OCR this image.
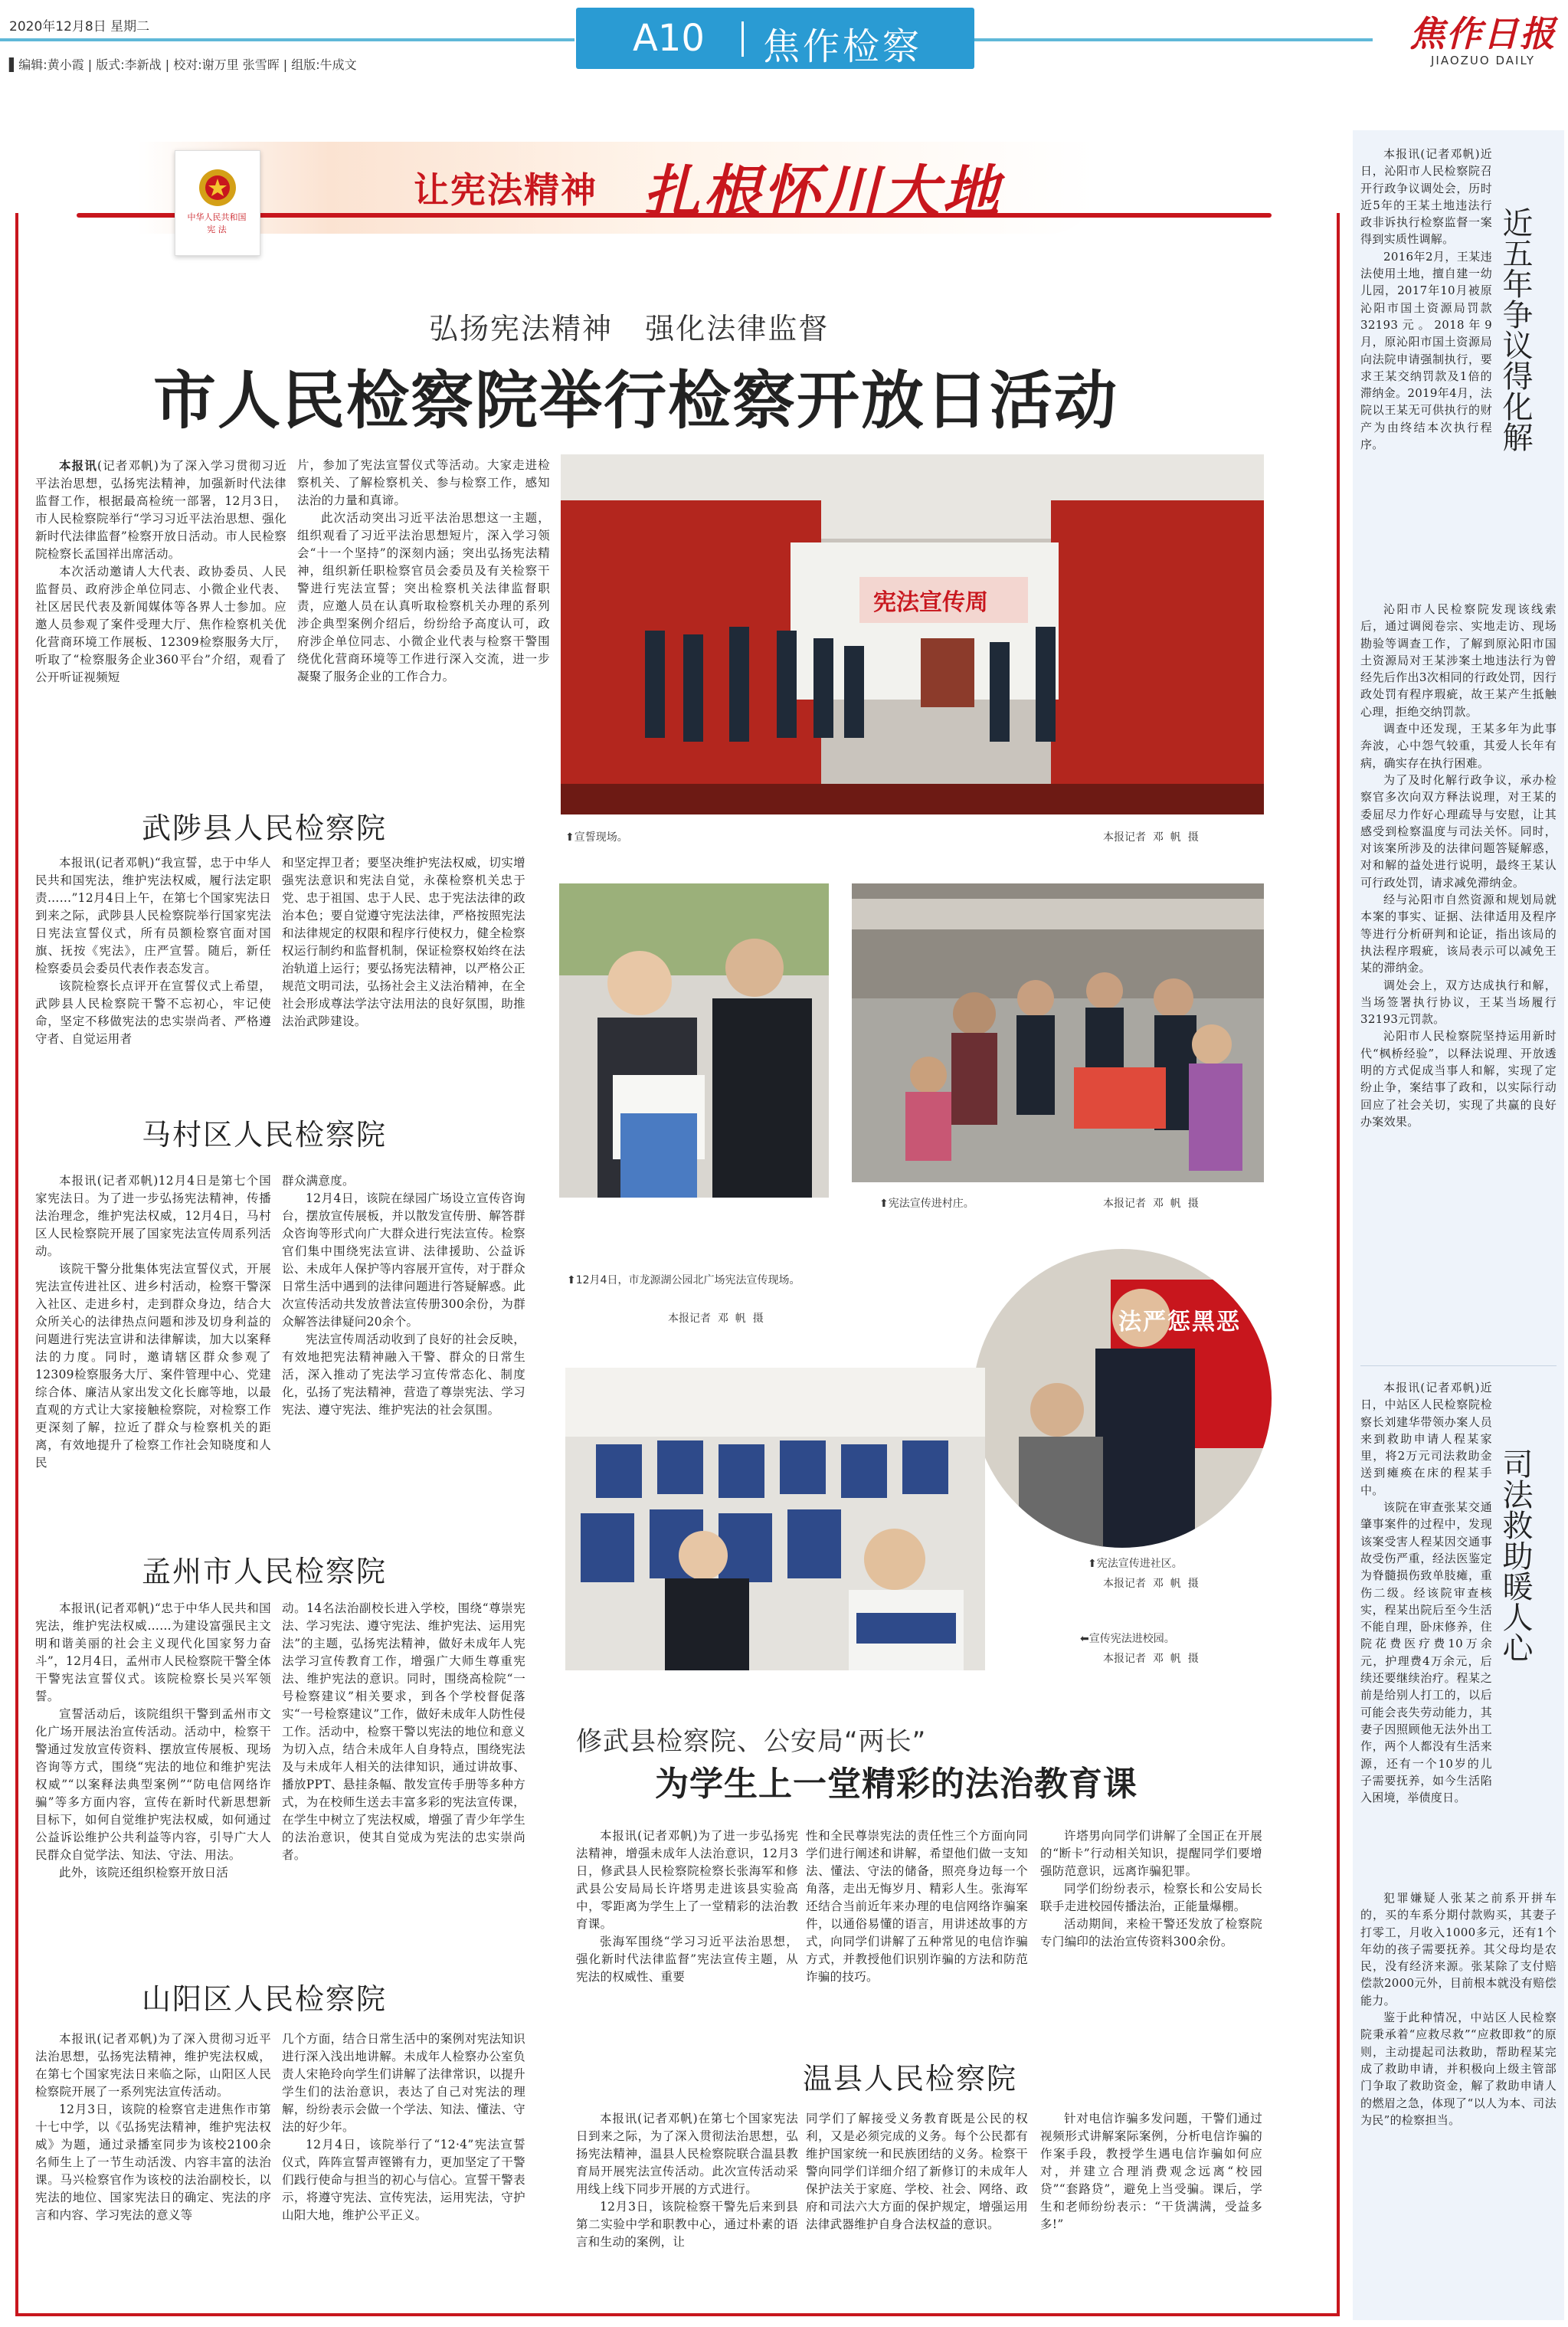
2020年12月8日 星期二
▌编辑:黄小霞 | 版式:李新战 | 校对:谢万里 张雪晖 | 组版:牛成文
A10 焦作检察	焦作日报
JIAOZUO DAILY
中华人民共和国
宪 法
让宪法精神 扎根怀川大地
弘扬宪法精神   强化法律监督
市人民检察院举行检察开放日活动

本报讯(记者邓帆)为了深入学习贯彻习近平法治思想，弘扬宪法精神，加强新时代法律监督工作，根据最高检统一部署，12月3日，市人民检察院举行“学习习近平法治思想、强化新时代法律监督”检察开放日活动。市人民检察院检察长孟国祥出席活动。

本次活动邀请人大代表、政协委员、人民监督员、政府涉企单位同志、小微企业代表、社区居民代表及新闻媒体等各界人士参加。应邀人员参观了案件受理大厅、焦作检察机关优化营商环境工作展板、12309检察服务大厅，听取了“检察服务企业360平台”介绍，观看了公开听证视频短

片，参加了宪法宣誓仪式等活动。大家走进检察机关、了解检察机关、参与检察工作，感知法治的力量和真谛。

此次活动突出习近平法治思想这一主题，组织观看了习近平法治思想短片，深入学习领会“十一个坚持”的深刻内涵；突出弘扬宪法精神，组织新任职检察官员会委员及有关检察干警进行宪法宣誓；突出检察机关法律监督职责，应邀人员在认真听取检察机关办理的系列涉企典型案例介绍后，纷纷给予高度认可，政府涉企单位同志、小微企业代表与检察干警围绕优化营商环境等工作进行深入交流，进一步凝聚了服务企业的工作合力。

宪法宣传周
⬆宣誓现场。	本报记者  邓  帆  摄
武陟县人民检察院

本报讯(记者邓帆)“我宣誓，忠于中华人民共和国宪法，维护宪法权威，履行法定职责……”12月4日上午，在第七个国家宪法日到来之际，武陟县人民检察院举行国家宪法日宪法宣誓仪式，所有员额检察官面对国旗、抚按《宪法》，庄严宣誓。随后，新任检察委员会委员代表作表态发言。

该院检察长点评开在宣誓仪式上希望，武陟县人民检察院干警不忘初心，牢记使命，坚定不移做宪法的忠实崇尚者、严格遵守者、自觉运用者

和坚定捍卫者；要坚决维护宪法权威，切实增强宪法意识和宪法自觉，永葆检察机关忠于党、忠于祖国、忠于人民、忠于宪法法律的政治本色；要自觉遵守宪法法律，严格按照宪法和法律规定的权限和程序行使权力，健全检察权运行制约和监督机制，保证检察权始终在法治轨道上运行；要弘扬宪法精神，以严格公正规范文明司法，弘扬社会主义法治精神，在全社会形成尊法学法守法用法的良好氛围，助推法治武陟建设。

马村区人民检察院

本报讯(记者邓帆)12月4日是第七个国家宪法日。为了进一步弘扬宪法精神，传播法治理念，维护宪法权威，12月4日，马村区人民检察院开展了国家宪法宣传周系列活动。

该院干警分批集体宪法宣誓仪式，开展宪法宣传进社区、进乡村活动，检察干警深入社区、走进乡村，走到群众身边，结合大众所关心的法律热点问题和涉及切身利益的问题进行宪法宣讲和法律解读，加大以案释法的力度。同时，邀请辖区群众参观了12309检察服务大厅、案件管理中心、党建综合体、廉洁从家出发文化长廊等地，以最直观的方式让大家接触检察院，对检察工作更深刻了解，拉近了群众与检察机关的距离，有效地提升了检察工作社会知晓度和人民

群众满意度。

12月4日，该院在绿园广场设立宣传咨询台，摆放宣传展板，并以散发宣传册、解答群众咨询等形式向广大群众进行宪法宣传。检察官们集中围绕宪法宣讲、法律援助、公益诉讼、未成年人保护等内容展开宣传，对于群众日常生活中遇到的法律问题进行答疑解惑。此次宣传活动共发放普法宣传册300余份，为群众解答法律疑问20余个。

宪法宣传周活动收到了良好的社会反映，有效地把宪法精神融入干警、群众的日常生活，深入推动了宪法学习宣传常态化、制度化，弘扬了宪法精神，营造了尊崇宪法、学习宪法、遵守宪法、维护宪法的社会氛围。

孟州市人民检察院

本报讯(记者邓帆)“忠于中华人民共和国宪法，维护宪法权威……为建设富强民主文明和谐美丽的社会主义现代化国家努力奋斗”，12月4日，孟州市人民检察院干警全体干警宪法宣誓仪式。该院检察长吴兴军领誓。

宣誓活动后，该院组织干警到孟州市文化广场开展法治宣传活动。活动中，检察干警通过发放宣传资料、摆放宣传展板、现场咨询等方式，围绕“宪法的地位和维护宪法权威”“以案释法典型案例”“防电信网络诈骗”等多方面内容，宣传在新时代新思想新目标下，如何自觉维护宪法权威，如何通过公益诉讼维护公共利益等内容，引导广大人民群众自觉学法、知法、守法、用法。

此外，该院还组织检察开放日活

动。14名法治副校长进入学校，围绕“尊崇宪法、学习宪法、遵守宪法、维护宪法、运用宪法”的主题，弘扬宪法精神，做好未成年人宪法学习宣传教育工作，增强广大师生尊重宪法、维护宪法的意识。同时，围绕高检院“一号检察建议”相关要求，到各个学校督促落实“一号检察建议”工作，做好未成年人防性侵工作。活动中，检察干警以宪法的地位和意义为切入点，结合未成年人自身特点，围绕宪法及与未成年人相关的法律知识，通过讲故事、播放PPT、悬挂条幅、散发宣传手册等多种方式，为在校师生送去丰富多彩的宪法宣传课，在学生中树立了宪法权威，增强了青少年学生的法治意识，使其自觉成为宪法的忠实崇尚者。

山阳区人民检察院

本报讯(记者邓帆)为了深入贯彻习近平法治思想，弘扬宪法精神，维护宪法权威，在第七个国家宪法日来临之际，山阳区人民检察院开展了一系列宪法宣传活动。

12月3日，该院的检察官走进焦作市第十七中学，以《弘扬宪法精神，维护宪法权威》为题，通过录播室同步为该校2100余名师生上了一节生动活泼、内容丰富的法治课。马兴检察官作为该校的法治副校长，以宪法的地位、国家宪法日的确定、宪法的序言和内容、学习宪法的意义等

几个方面，结合日常生活中的案例对宪法知识进行深入浅出地讲解。未成年人检察办公室负责人宋艳玲向学生们讲解了法律常识，以提升学生们的法治意识，表达了自己对宪法的理解，纷纷表示会做一个学法、知法、懂法、守法的好少年。

12月4日，该院举行了“12·4”宪法宣誓仪式，阵阵宣誓声铿锵有力，更加坚定了干警们践行使命与担当的初心与信心。宣誓干警表示，将遵守宪法、宣传宪法，运用宪法，守护山阳大地，维护公平正义。

⬆12月4日，市龙源湖公园北广场宪法宣传现场。
本报记者  邓  帆  摄
⬆宪法宣传进村庄。	本报记者  邓  帆  摄
法严惩黑恶
⬆宪法宣传进社区。
本报记者  邓  帆  摄
⬅宣传宪法进校园。
本报记者  邓  帆  摄
修武县检察院、公安局“两长”
为学生上一堂精彩的法治教育课

本报讯(记者邓帆)为了进一步弘扬宪法精神，增强未成年人法治意识，12月3日，修武县人民检察院检察长张海军和修武县公安局局长许塔男走进该县实验高中，零距离为学生上了一堂精彩的法治教育课。

张海军围绕“学习习近平法治思想，强化新时代法律监督”宪法宣传主题，从宪法的权威性、重要

性和全民尊崇宪法的责任性三个方面向同学们进行阐述和讲解，希望他们做一支知法、懂法、守法的储备，照亮身边每一个角落，走出无悔岁月、精彩人生。张海军还结合当前近年来办理的电信网络诈骗案件，以通俗易懂的语言，用讲述故事的方式，向同学们讲解了五种常见的电信诈骗方式，并教授他们识别诈骗的方法和防范诈骗的技巧。

许塔男向同学们讲解了全国正在开展的“断卡”行动相关知识，提醒同学们要增强防范意识，远离诈骗犯罪。

同学们纷纷表示，检察长和公安局长联手走进校园传播法治，正能量爆棚。

活动期间，来检干警还发放了检察院专门编印的法治宣传资料300余份。

温县人民检察院

本报讯(记者邓帆)在第七个国家宪法日到来之际，为了深入贯彻法治思想，弘扬宪法精神，温县人民检察院联合温县教育局开展宪法宣传活动。此次宣传活动采用线上线下同步开展的方式进行。

12月3日，该院检察干警先后来到县第二实验中学和职教中心，通过朴素的语言和生动的案例，让

同学们了解接受义务教育既是公民的权利，又是必须完成的义务。每个公民都有维护国家统一和民族团结的义务。检察干警向同学们详细介绍了新修订的未成年人保护法关于家庭、学校、社会、网络、政府和司法六大方面的保护规定，增强运用法律武器维护自身合法权益的意识。

针对电信诈骗多发问题，干警们通过视频形式讲解案际案例，分析电信诈骗的作案手段，教授学生遇电信诈骗如何应对，并建立合理消费观念远离“校园贷”“套路贷”，避免上当受骗。课后，学生和老师纷纷表示：“干货满满，受益多多!”

本报讯(记者邓帆)近日，沁阳市人民检察院召开行政争议调处会，历时近5年的王某土地违法行政非诉执行检察监督一案得到实质性调解。

2016年2月，王某违法使用土地，擅自建一幼儿园，2017年10月被原沁阳市国土资源局罚款32193元。2018年9月，原沁阳市国土资源局向法院申请强制执行，要求王某交纳罚款及1倍的滞纳金。2019年4月，法院以王某无可供执行的财产为由终结本次执行程序。	近五年争议得化解

沁阳市人民检察院发现该线索后，通过调阅卷宗、实地走访、现场勘验等调查工作，了解到原沁阳市国土资源局对王某涉案土地违法行为曾经先后作出3次相同的行政处罚，因行政处罚有程序瑕疵，故王某产生抵触心理，拒绝交纳罚款。

调查中还发现，王某多年为此事奔波，心中怨气较重，其爱人长年有病，确实存在执行困难。

为了及时化解行政争议，承办检察官多次向双方释法说理，对王某的委屈尽力作好心理疏导与安慰，让其感受到检察温度与司法关怀。同时，对该案所涉及的法律问题答疑解惑，对和解的益处进行说明，最终王某认可行政处罚，请求减免滞纳金。

经与沁阳市自然资源和规划局就本案的事实、证据、法律适用及程序等进行分析研判和论证，指出该局的执法程序瑕疵，该局表示可以减免王某的滞纳金。

调处会上，双方达成执行和解，当场签署执行协议，王某当场履行32193元罚款。

沁阳市人民检察院坚持运用新时代“枫桥经验”，以释法说理、开放透明的方式促成当事人和解，实现了定纷止争，案结事了政和，以实际行动回应了社会关切，实现了共赢的良好办案效果。

本报讯(记者邓帆)近日，中站区人民检察院检察长刘建华带领办案人员来到救助申请人程某家里，将2万元司法救助金送到瘫痪在床的程某手中。

该院在审查张某交通肇事案件的过程中，发现该案受害人程某因交通事故受伤严重，经法医鉴定为脊髓损伤致单肢瘫，重伤二级。经该院审查核实，程某出院后至今生活不能自理，卧床修养，住院花费医疗费10万余元，护理费4万余元，后续还要继续治疗。程某之前是给别人打工的，以后可能会丧失劳动能力，其妻子因照顾他无法外出工作，两个人都没有生活来源，还有一个10岁的儿子需要抚养，如今生活陷入困境，举债度日。

司法救助暖人心

犯罪嫌疑人张某之前系开拼车的，买的车系分期付款购买，其妻子打零工，月收入1000多元，还有1个年幼的孩子需要抚养。其父母均是农民，没有经济来源。张某除了支付赔偿款2000元外，目前根本就没有赔偿能力。

鉴于此种情况，中站区人民检察院秉承着“应救尽救”“应救即救”的原则，主动提起司法救助，帮助程某完成了救助申请，并积极向上级主管部门争取了救助资金，解了救助申请人的燃眉之急，体现了“以人为本、司法为民”的检察担当。
